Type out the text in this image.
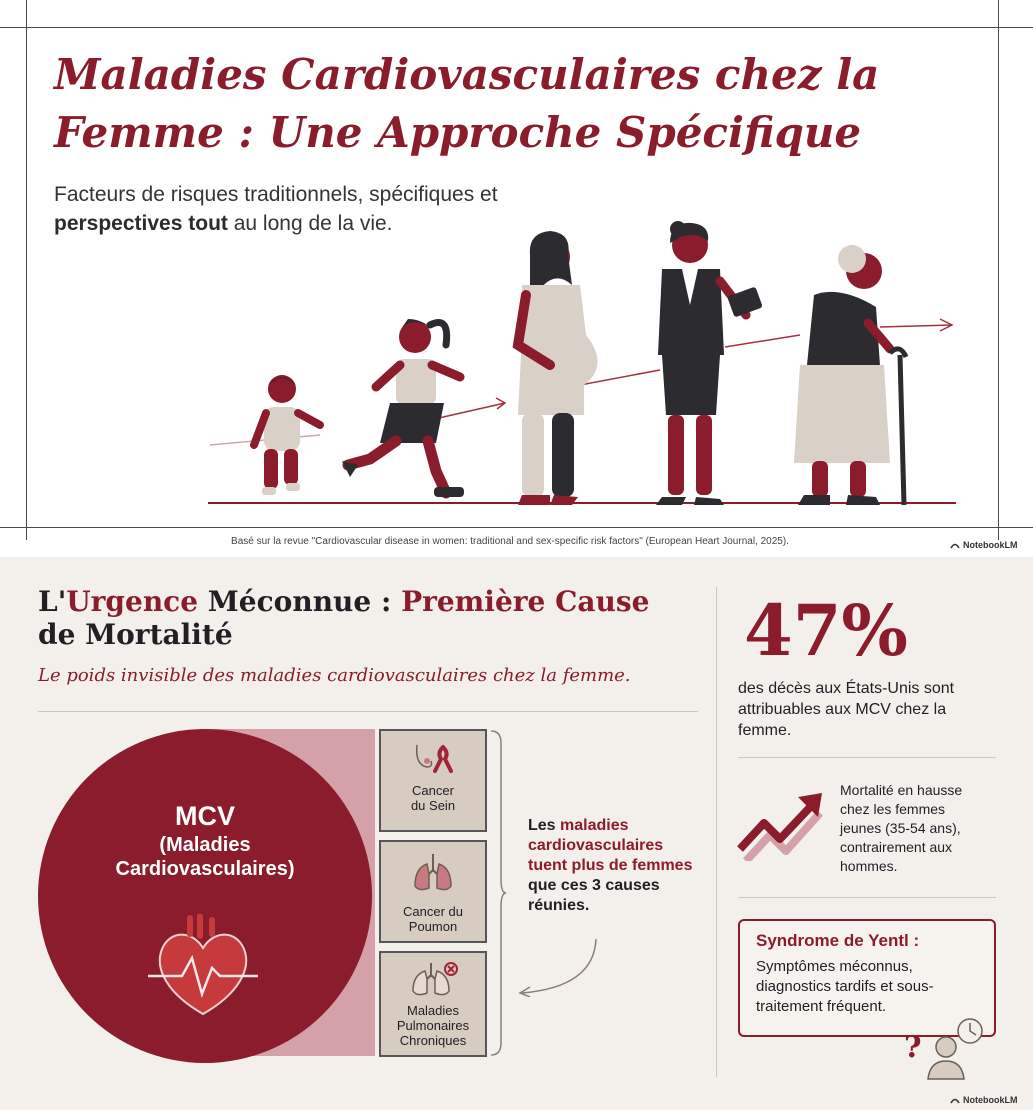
Maladies Cardiovasculaires chez la Femme : Une Approche Spécifique
Facteurs de risques traditionnels, spécifiques et perspectives tout au long de la vie.
Basé sur la revue "Cardiovascular disease in women: traditional and sex-specific risk factors" (European Heart Journal, 2025).	NotebookLM
L'Urgence Méconnue : Première Cause
de Mortalité
Le poids invisible des maladies cardiovasculaires chez la femme.
MCV
(Maladies
Cardiovasculaires)
Cancer
du Sein
Cancer du
Poumon
Maladies
Pulmonaires
Chroniques
Les maladies cardiovasculaires tuent plus de femmes que ces 3 causes réunies.
47%
des décès aux États-Unis sont attribuables aux MCV chez la femme.
Mortalité en hausse chez les femmes jeunes (35-54 ans), contrairement aux hommes.
Syndrome de Yentl :
Symptômes méconnus, diagnostics tardifs et sous-traitement fréquent.
?
NotebookLM
